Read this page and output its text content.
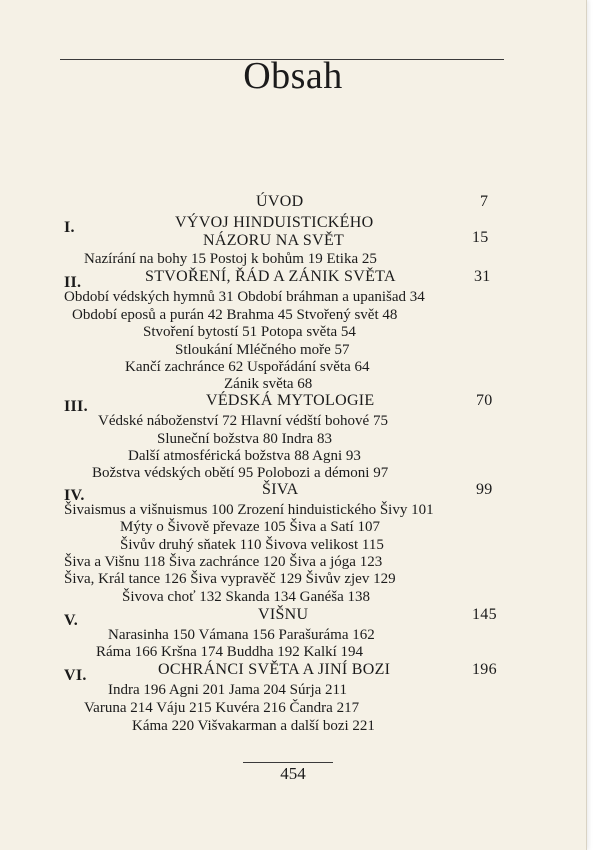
Obsah
ÚVOD	7
I.	VÝVOJ HINDUISTICKÉHO
NÁZORU NA SVĚT	15
Nazírání na bohy 15 Postoj k bohům 19 Etika 25
II.	STVOŘENÍ, ŘÁD A ZÁNIK SVĚTA	31
Období védských hymnů 31 Období bráhman a upanišad 34
Období eposů a purán 42 Brahma 45 Stvořený svět 48
Stvoření bytostí 51 Potopa světa 54
Stloukání Mléčného moře 57
Kančí zachránce 62 Uspořádání světa 64
Zánik světa 68
III.	VÉDSKÁ MYTOLOGIE	70
Védské náboženství 72 Hlavní védští bohové 75
Sluneční božstva 80 Indra 83
Další atmosférická božstva 88 Agni 93
Božstva védských obětí 95 Polobozi a démoni 97
IV.	ŠIVA	99
Šivaismus a višnuismus 100 Zrození hinduistického Šivy 101
Mýty o Šivově převaze 105 Šiva a Satí 107
Šivův druhý sňatek 110 Šivova velikost 115
Šiva a Višnu 118 Šiva zachránce 120 Šiva a jóga 123
Šiva, Král tance 126 Šiva vypravěč 129 Šivův zjev 129
Šivova choť 132 Skanda 134 Ganéša 138
V.	VIŠNU	145
Narasinha 150 Vámana 156 Parašuráma 162
Ráma 166 Kršna 174 Buddha 192 Kalkí 194
VI.	OCHRÁNCI SVĚTA A JINÍ BOZI	196
Indra 196 Agni 201 Jama 204 Súrja 211
Varuna 214 Váju 215 Kuvéra 216 Čandra 217
Káma 220 Višvakarman a další bozi 221
454
